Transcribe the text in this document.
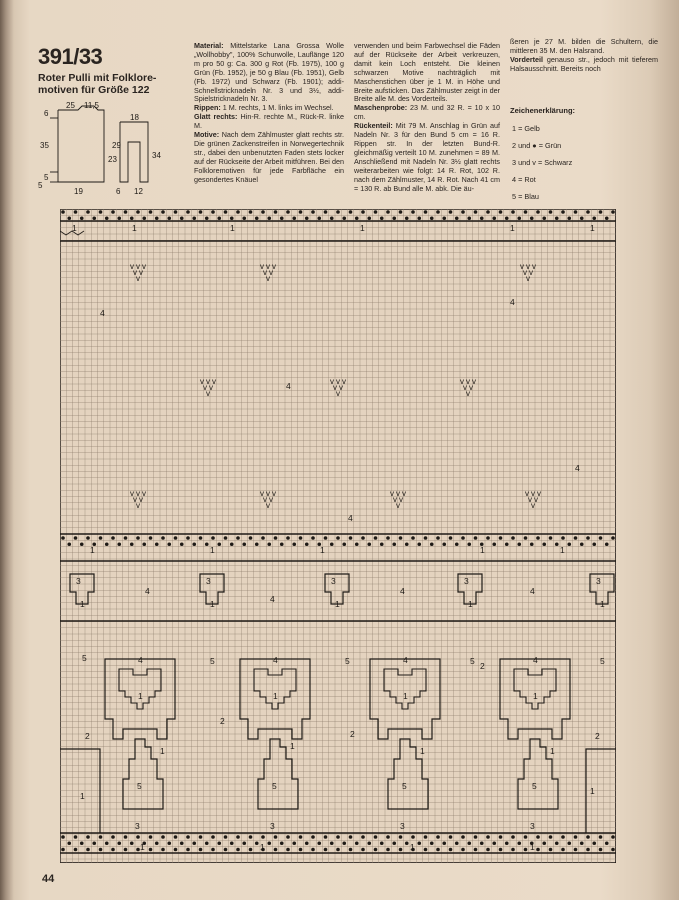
391/33
Roter Pulli mit Folklore-motiven für Größe 122
25 11,5
6
35
5
19
18
23
29
34
6 12
5
Material: Mittelstarke Lana Grossa Wolle „Wollhobby", 100% Schurwolle, Lauflänge 120 m pro 50 g: Ca. 300 g Rot (Fb. 1975), 100 g Grün (Fb. 1952), je 50 g Blau (Fb. 1951), Gelb (Fb. 1972) und Schwarz (Fb. 1901); addi-Schnellstricknadeln Nr. 3 und 3½, addi-Spielstricknadeln Nr. 3.
Rippen: 1 M. rechts, 1 M. links im Wechsel.
Glatt rechts: Hin-R. rechte M., Rück-R. linke M.
Motive: Nach dem Zählmuster glatt rechts str. Die grünen Zackenstreifen in Norwegertechnik str., dabei den unbenutzten Faden stets locker auf der Rückseite der Arbeit mitführen. Bei den Folkloremotiven für jede Farbfläche ein gesondertes Knäuel
verwenden und beim Farbwechsel die Fäden auf der Rückseite der Arbeit verkreuzen, damit kein Loch entsteht. Die kleinen schwarzen Motive nachträglich mit Maschenstichen über je 1 M. in Höhe und Breite aufsticken. Das Zählmuster zeigt in der Breite alle M. des Vorderteils.
Maschenprobe: 23 M. und 32 R. = 10 x 10 cm.
Rückenteil: Mit 79 M. Anschlag in Grün auf Nadeln Nr. 3 für den Bund 5 cm = 16 R. Rippen str. In der letzten Bund-R. gleichmäßig verteilt 10 M. zunehmen = 89 M. Anschließend mit Nadeln Nr. 3½ glatt rechts weiterarbeiten wie folgt: 14 R. Rot, 102 R. nach dem Zählmuster, 14 R. Rot. Nach 41 cm = 130 R. ab Bund alle M. abk. Die äu-
ßeren je 27 M. bilden die Schultern, die mittleren 35 M. den Halsrand.
Vorderteil genauso str., jedoch mit tieferem Halsausschnitt. Bereits noch
Zeichenerklärung:
1 = Gelb
2 und ● = Grün
3 und v = Schwarz
4 = Rot
5 = Blau
1	1	1	1	1	1
1	1	1	1	1
1	1	1	1
v v v
v v
v
v v v
v v
v
v v v
v v
v
v v v
v v
v
v v v
v v
v
v v v
v v
v
v v v
v v
v
v v v
v v
v
v v v
v v
v
v v v
v v
v
4
4
4
4
4
3
1
3
1
3
1
3
1
3
1
4
4
4	4
1
4
5
3
1
4
5
3
1
4
5
3
1
4
5
3
5	5	5	5	5
2
2
2
2
2
1
1	1	1	1
1
44
